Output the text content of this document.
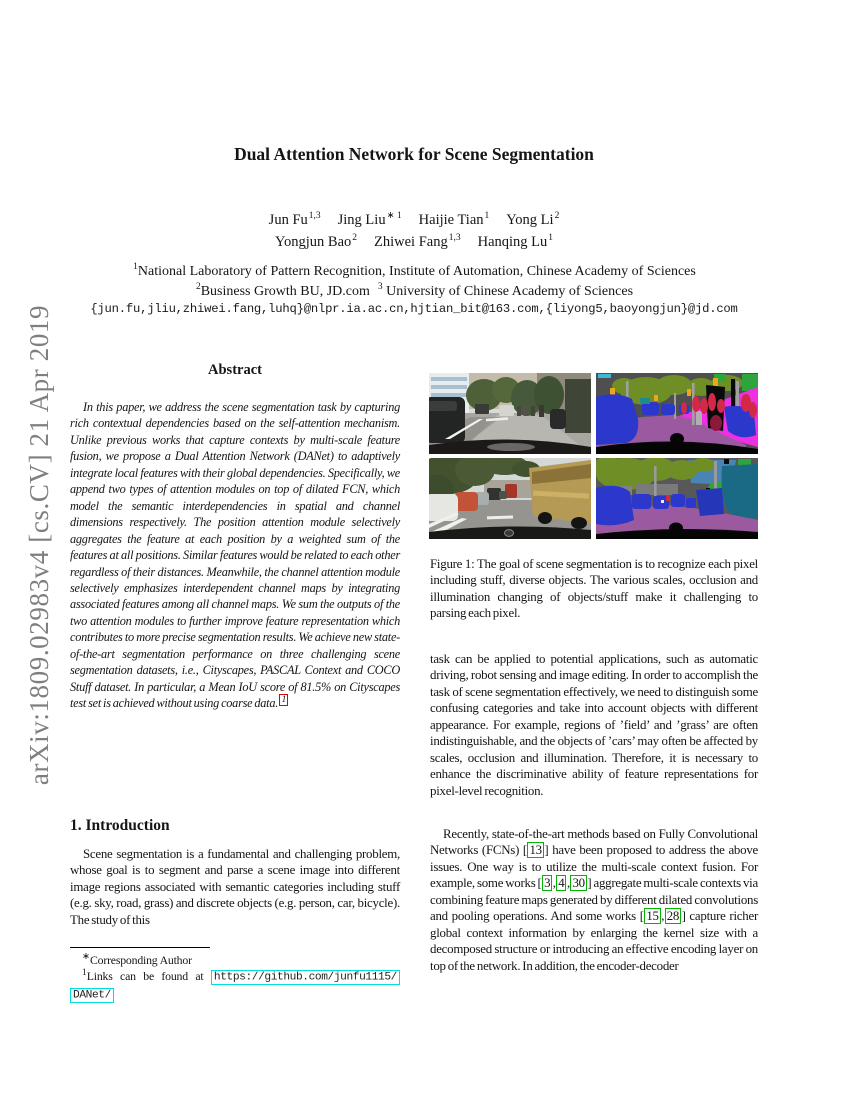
arXiv:1809.02983v4 [cs.CV] 21 Apr 2019
Dual Attention Network for Scene Segmentation
Jun Fu$^{1,3}$ Jing Liu$^{∗ 1}$ Haijie Tian$^1$ Yong Li$^2$
Yongjun Bao$^2$ Zhiwei Fang$^{1,3}$ Hanqing Lu$^1$
$^1$National Laboratory of Pattern Recognition, Institute of Automation, Chinese Academy of Sciences
$^2$Business Growth BU, JD.com  $^3$ University of Chinese Academy of Sciences
{jun.fu,jliu,zhiwei.fang,luhq}@nlpr.ia.ac.cn,hjtian_bit@163.com,{liyong5,baoyongjun}@jd.com
Abstract
In this paper, we address the scene segmentation task by capturing rich contextual dependencies based on the self-attention mechanism. Unlike previous works that capture contexts by multi-scale feature fusion, we propose a Dual Attention Network (DANet) to adaptively integrate local features with their global dependencies. Specifically, we append two types of attention modules on top of dilated FCN, which model the semantic interdependencies in spatial and channel dimensions respectively. The position attention module selectively aggregates the feature at each position by a weighted sum of the features at all positions. Similar features would be related to each other regardless of their distances. Meanwhile, the channel attention module selectively emphasizes interdependent channel maps by integrating associated features among all channel maps. We sum the outputs of the two attention modules to further improve feature representation which contributes to more precise segmentation results. We achieve new state-of-the-art segmentation performance on three challenging scene segmentation datasets, i.e., Cityscapes, PASCAL Context and COCO Stuff dataset. In particular, a Mean IoU score of 81.5% on Cityscapes test set is achieved without using coarse data. $^1$
1. Introduction
Scene segmentation is a fundamental and challenging problem, whose goal is to segment and parse a scene image into different image regions associated with semantic categories including stuff (e.g. sky, road, grass) and discrete objects (e.g. person, car, bicycle). The study of this
∗Corresponding Author
$^1$Links can be found at https://github.com/junfu1115/DANet/
Figure 1: The goal of scene segmentation is to recognize each pixel including stuff, diverse objects. The various scales, occlusion and illumination changing of objects/stuff make it challenging to parsing each pixel.
task can be applied to potential applications, such as automatic driving, robot sensing and image editing. In order to accomplish the task of scene segmentation effectively, we need to distinguish some confusing categories and take into account objects with different appearance. For example, regions of ’field’ and ’grass’ are often indistinguishable, and the objects of ’cars’ may often be affected by scales, occlusion and illumination. Therefore, it is necessary to enhance the discriminative ability of feature representations for pixel-level recognition.
Recently, state-of-the-art methods based on Fully Convolutional Networks (FCNs) [ 13 ] have been proposed to address the above issues. One way is to utilize the multi-scale context fusion. For example, some works [ 3 , 4 , 30 ] aggregate multi-scale contexts via combining feature maps generated by different dilated convolutions and pooling operations. And some works [ 15 , 28 ] capture richer global context information by enlarging the kernel size with a decomposed structure or introducing an effective encoding layer on top of the network. In addition, the encoder-decoder
